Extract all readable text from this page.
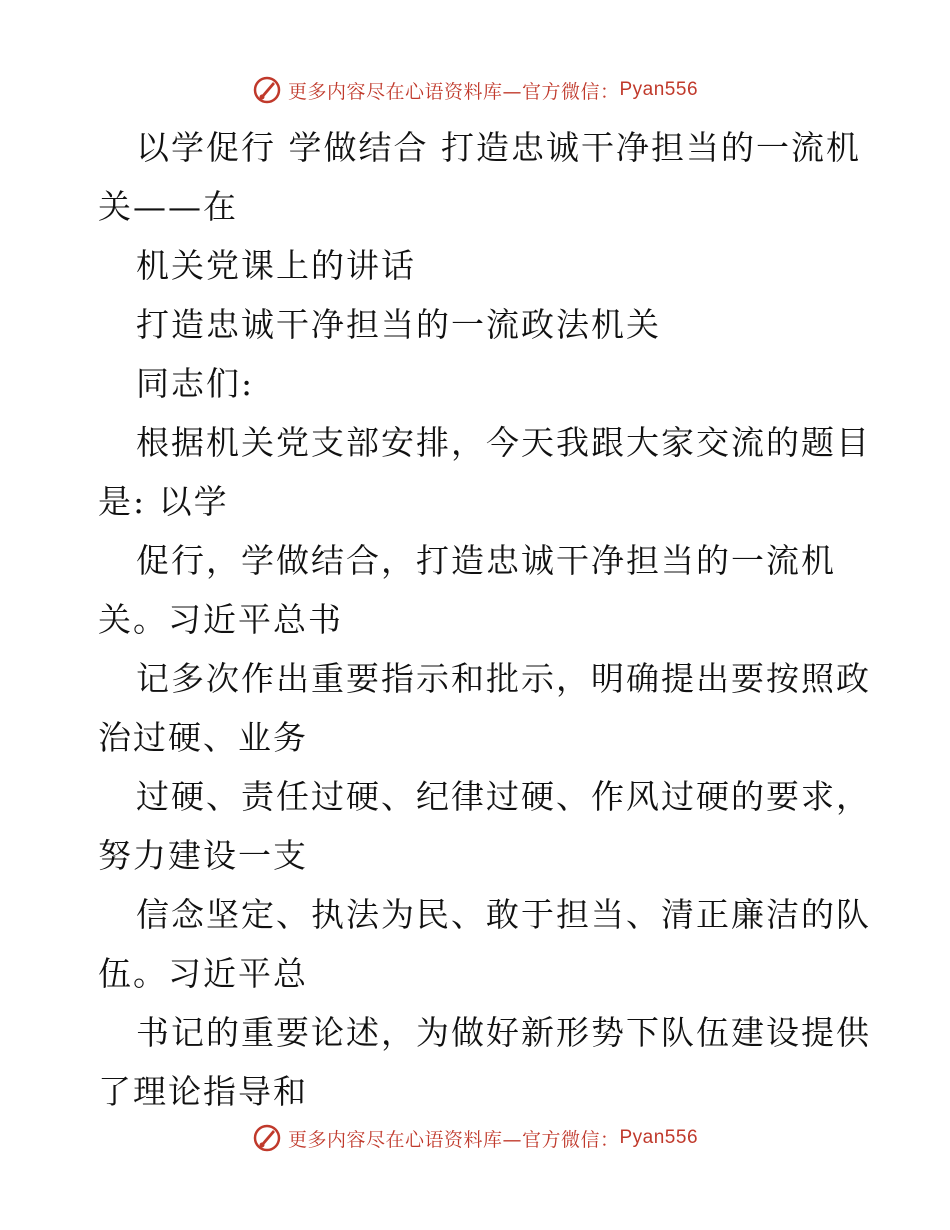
更多内容尽在心语资料库—官方微信： Pyan556

以学促行 学做结合 打造忠诚干净担当的一流机
关——在

机关党课上的讲话

打造忠诚干净担当的一流政法机关

同志们:

根据机关党支部安排，今天我跟大家交流的题目
是: 以学

促行，学做结合，打造忠诚干净担当的一流机
关。习近平总书

记多次作出重要指示和批示，明确提出要按照政
治过硬、业务

过硬、责任过硬、纪律过硬、作风过硬的要求，
努力建设一支

信念坚定、执法为民、敢于担当、清正廉洁的队
伍。习近平总

书记的重要论述，为做好新形势下队伍建设提供
了理论指导和

更多内容尽在心语资料库—官方微信： Pyan556
